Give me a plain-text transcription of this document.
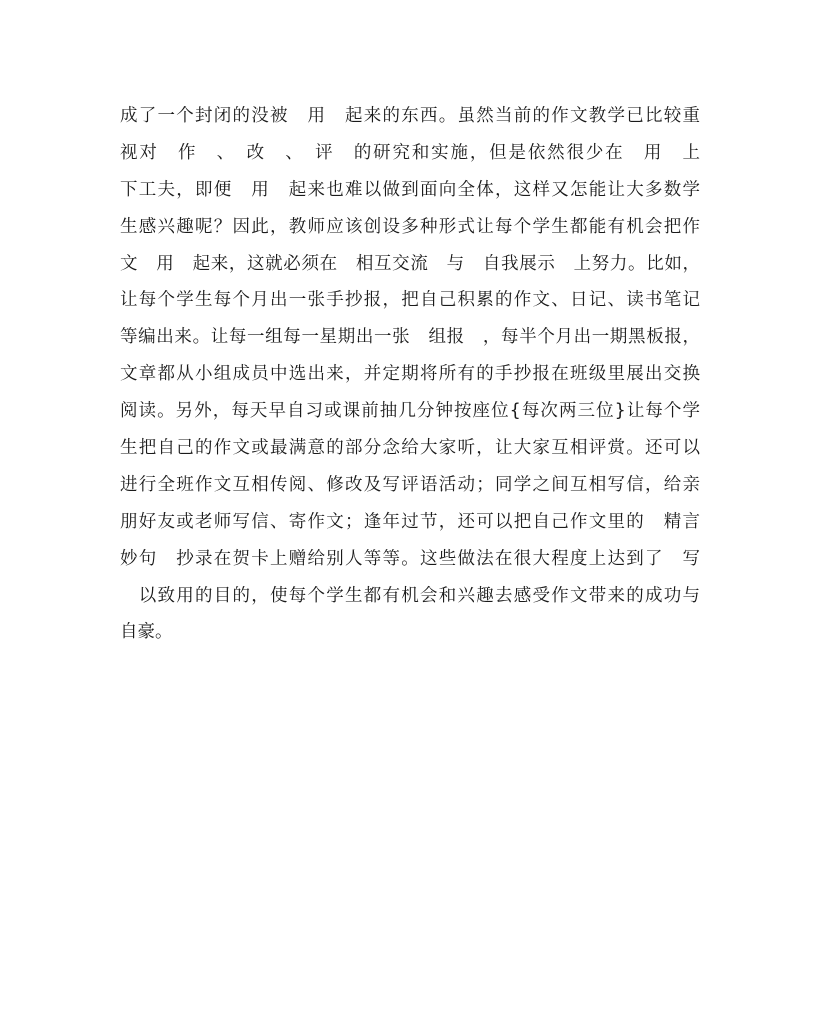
成了一个封闭的没被　用　起来的东西。虽然当前的作文教学已比较重
视对　作　、　改　、　评　的研究和实施，但是依然很少在　用　上
下工夫，即便　用　起来也难以做到面向全体，这样又怎能让大多数学
生感兴趣呢？因此，教师应该创设多种形式让每个学生都能有机会把作
文　用　起来，这就必须在　相互交流　与　自我展示　上努力。比如，
让每个学生每个月出一张手抄报，把自己积累的作文、日记、读书笔记
等编出来。让每一组每一星期出一张　组报　，每半个月出一期黑板报，
文章都从小组成员中选出来，并定期将所有的手抄报在班级里展出交换
阅读。另外，每天早自习或课前抽几分钟按座位{每次两三位}让每个学
生把自己的作文或最满意的部分念给大家听，让大家互相评赏。还可以
进行全班作文互相传阅、修改及写评语活动；同学之间互相写信，给亲
朋好友或老师写信、寄作文；逢年过节，还可以把自己作文里的　精言
妙句　抄录在贺卡上赠给别人等等。这些做法在很大程度上达到了　写
　以致用的目的，使每个学生都有机会和兴趣去感受作文带来的成功与
自豪。
